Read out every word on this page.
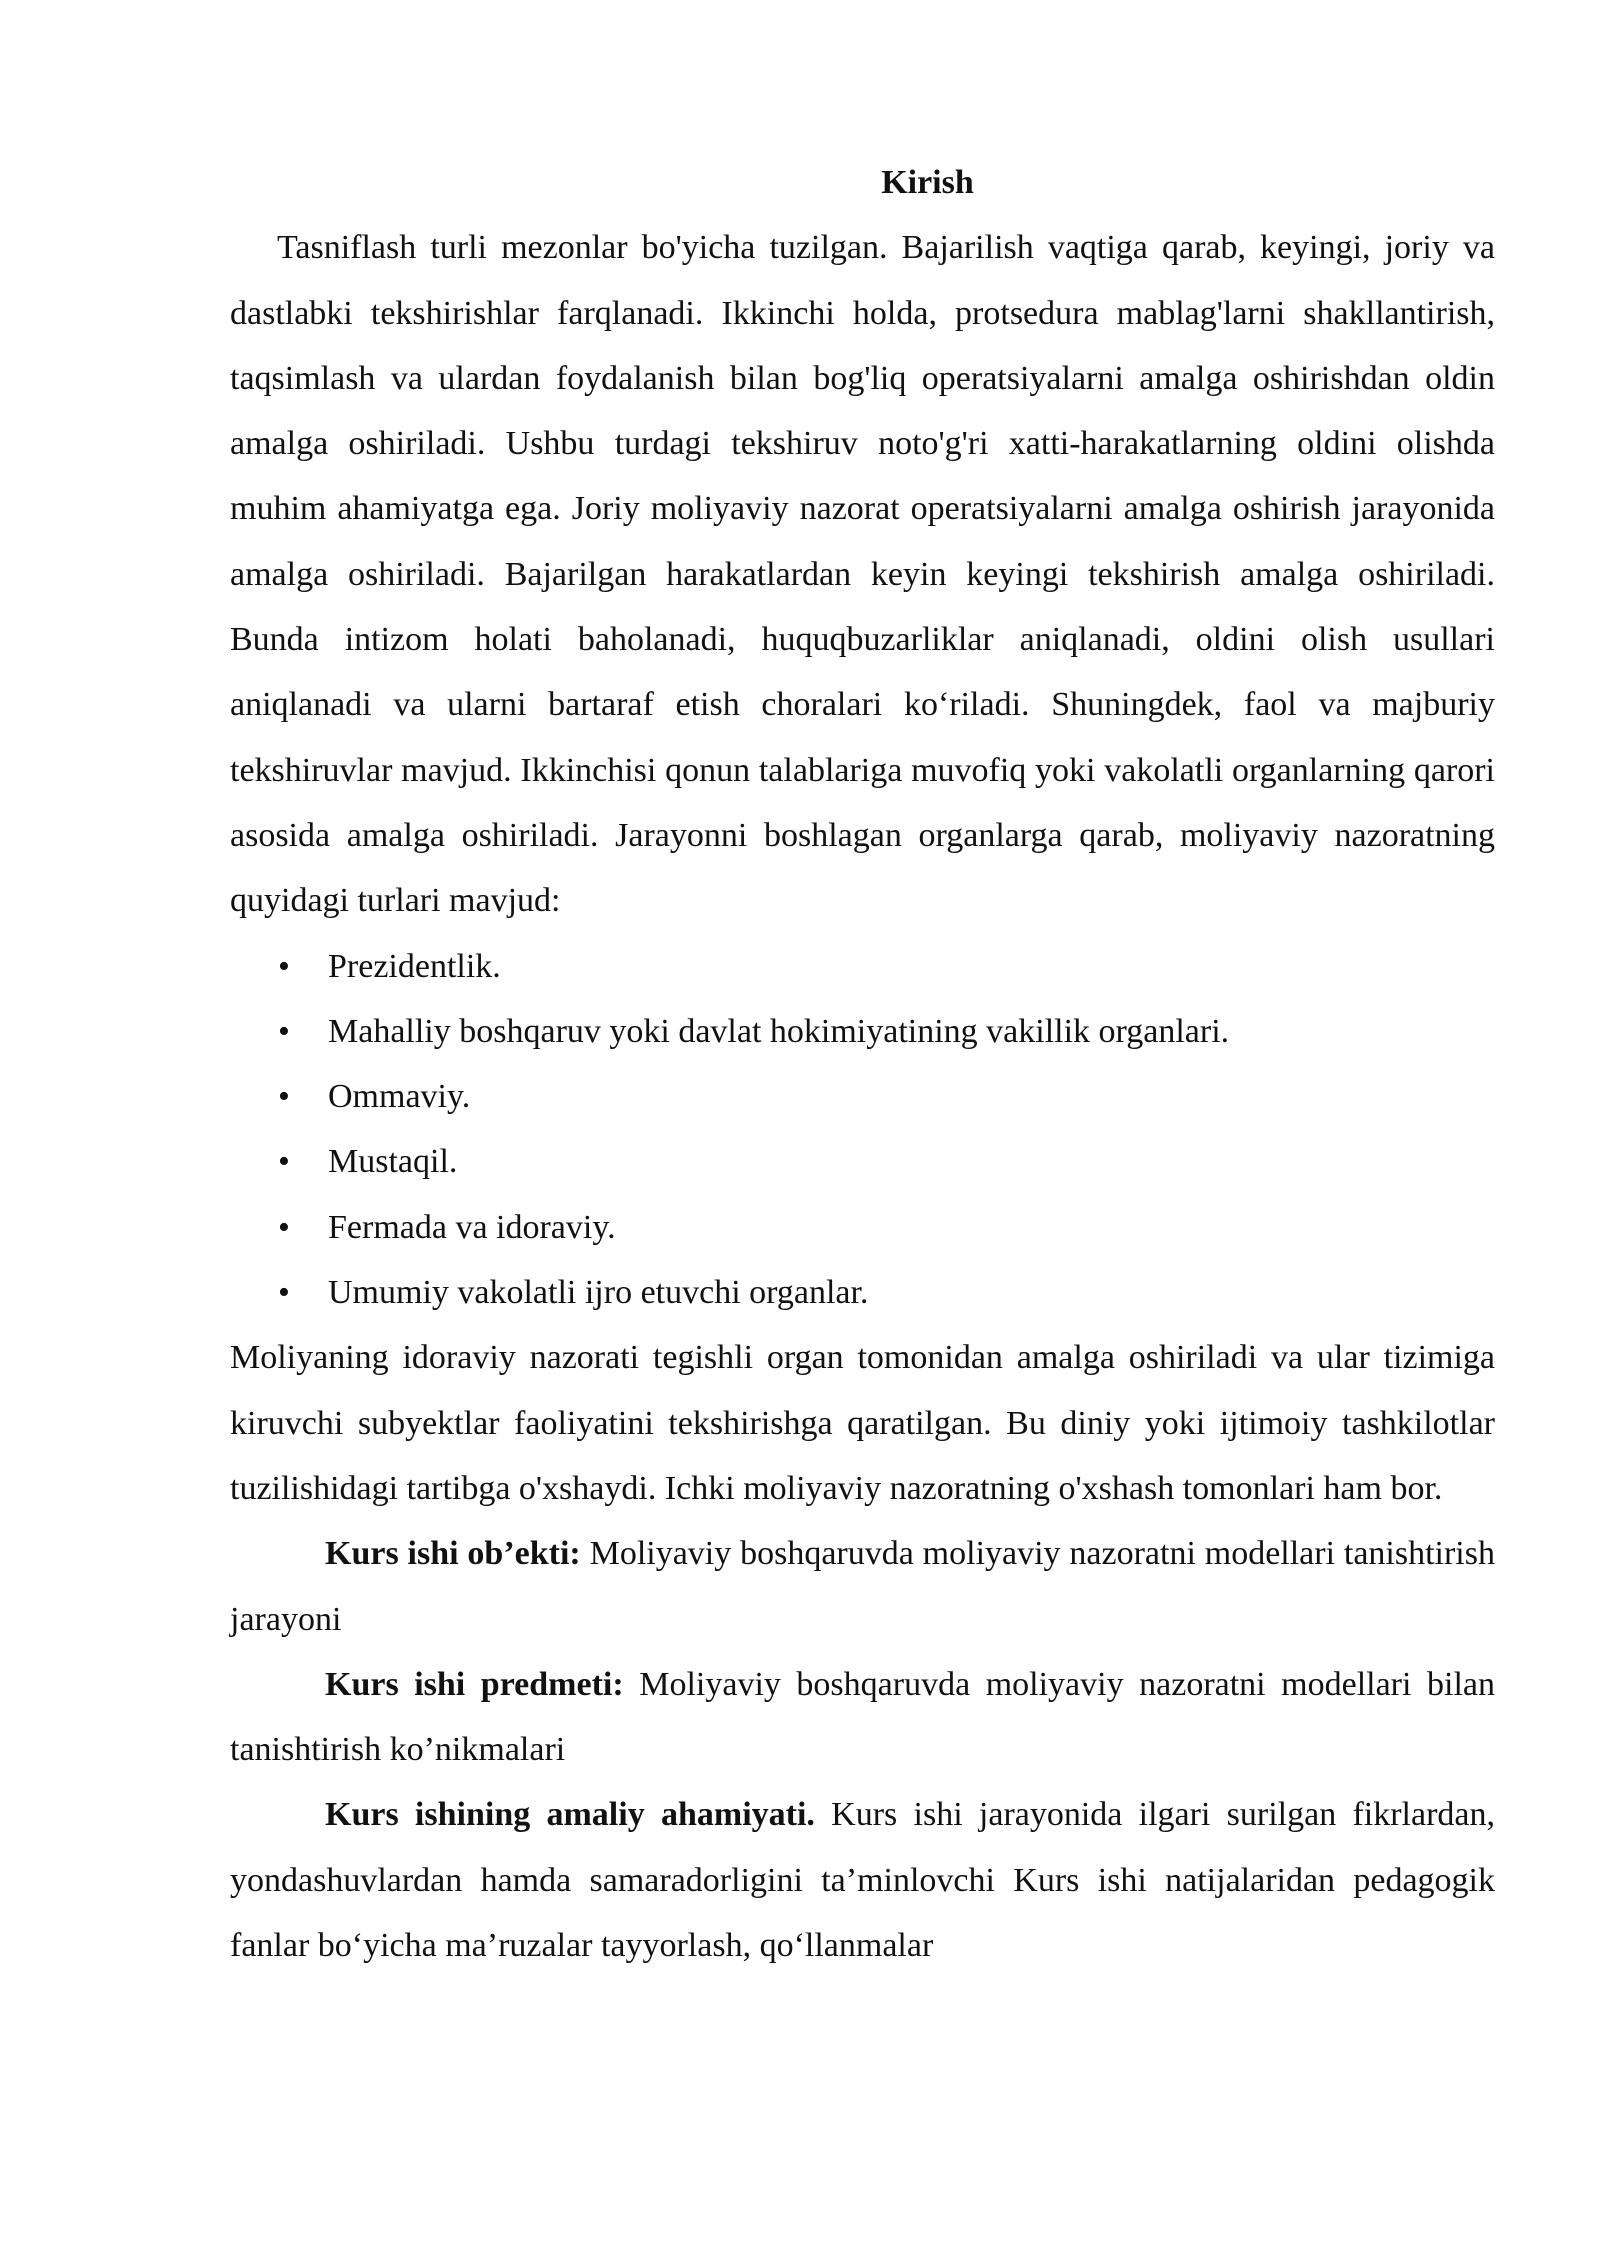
Kirish

Tasniflash turli mezonlar bo'yicha tuzilgan. Bajarilish vaqtiga qarab, keyingi, joriy va dastlabki tekshirishlar farqlanadi. Ikkinchi holda, protsedura mablag'larni shakllantirish, taqsimlash va ulardan foydalanish bilan bog'liq operatsiyalarni amalga oshirishdan oldin amalga oshiriladi. Ushbu turdagi tekshiruv noto'g'ri xatti-harakatlarning oldini olishda muhim ahamiyatga ega. Joriy moliyaviy nazorat operatsiyalarni amalga oshirish jarayonida amalga oshiriladi. Bajarilgan harakatlardan keyin keyingi tekshirish amalga oshiriladi. Bunda intizom holati baholanadi, huquqbuzarliklar aniqlanadi, oldini olish usullari aniqlanadi va ularni bartaraf etish choralari ko‘riladi. Shuningdek, faol va majburiy tekshiruvlar mavjud. Ikkinchisi qonun talablariga muvofiq yoki vakolatli organlarning qarori asosida amalga oshiriladi. Jarayonni boshlagan organlarga qarab, moliyaviy nazoratning quyidagi turlari mavjud:

• Prezidentlik.
• Mahalliy boshqaruv yoki davlat hokimiyatining vakillik organlari.
• Ommaviy.
• Mustaqil.
• Fermada va idoraviy.
• Umumiy vakolatli ijro etuvchi organlar.

Moliyaning idoraviy nazorati tegishli organ tomonidan amalga oshiriladi va ular tizimiga kiruvchi subyektlar faoliyatini tekshirishga qaratilgan. Bu diniy yoki ijtimoiy tashkilotlar tuzilishidagi tartibga o'xshaydi. Ichki moliyaviy nazoratning o'xshash tomonlari ham bor.

Kurs ishi ob’ekti: Moliyaviy boshqaruvda moliyaviy nazoratni modellari tanishtirish jarayoni

Kurs ishi predmeti: Moliyaviy boshqaruvda moliyaviy nazoratni modellari bilan tanishtirish ko’nikmalari

Kurs ishining amaliy ahamiyati. Kurs ishi jarayonida ilgari surilgan fikrlardan, yondashuvlardan hamda samaradorligini ta’minlovchi Kurs ishi natijalaridan pedagogik fanlar bo‘yicha ma’ruzalar tayyorlash, qo‘llanmalar
